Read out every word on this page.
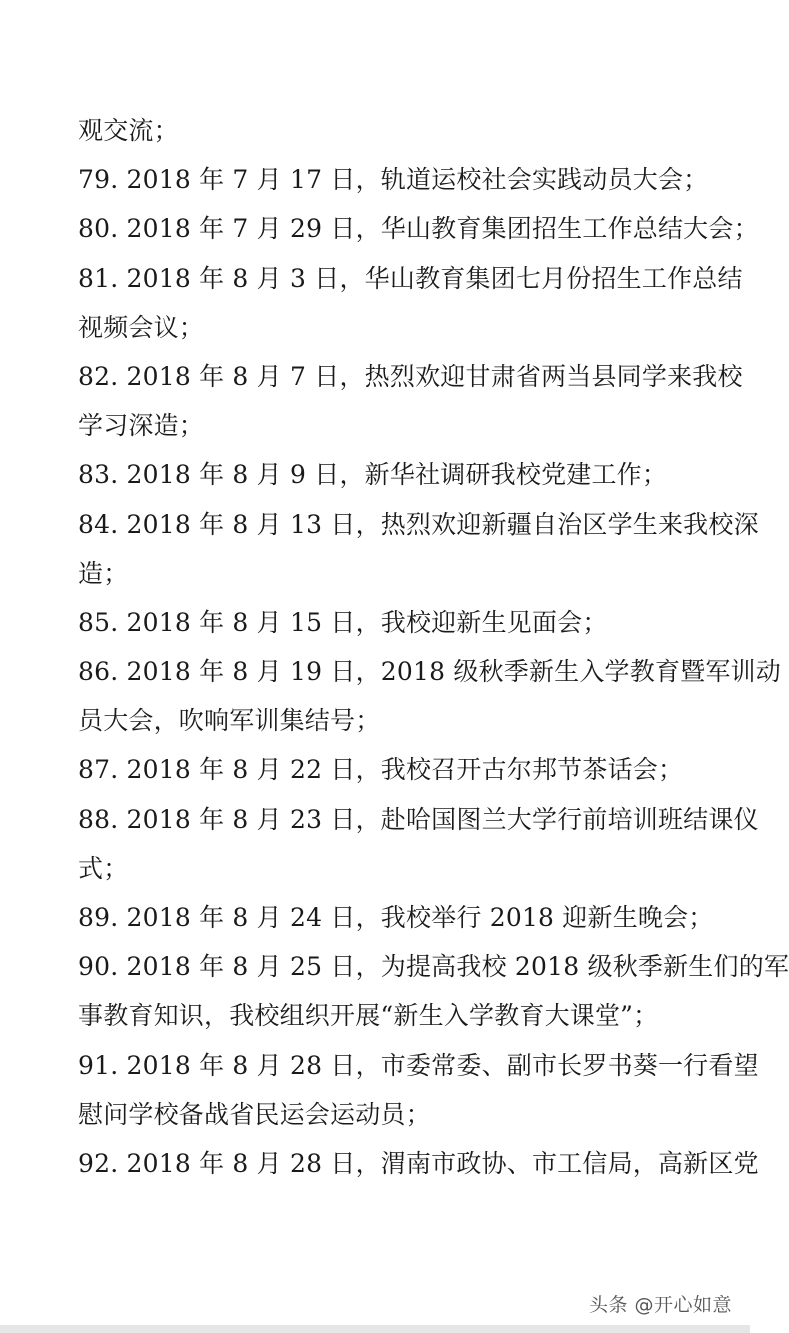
观交流；
79. 2018 年 7 月 17 日，轨道运校社会实践动员大会；
80. 2018 年 7 月 29 日，华山教育集团招生工作总结大会；
81. 2018 年 8 月 3 日，华山教育集团七月份招生工作总结
视频会议；
82. 2018 年 8 月 7 日，热烈欢迎甘肃省两当县同学来我校
学习深造；
83. 2018 年 8 月 9 日，新华社调研我校党建工作；
84. 2018 年 8 月 13 日，热烈欢迎新疆自治区学生来我校深
造；
85. 2018 年 8 月 15 日，我校迎新生见面会；
86. 2018 年 8 月 19 日，2018 级秋季新生入学教育暨军训动
员大会，吹响军训集结号；
87. 2018 年 8 月 22 日，我校召开古尔邦节茶话会；
88. 2018 年 8 月 23 日，赴哈国图兰大学行前培训班结课仪
式；
89. 2018 年 8 月 24 日，我校举行 2018 迎新生晚会；
90. 2018 年 8 月 25 日，为提高我校 2018 级秋季新生们的军
事教育知识，我校组织开展“新生入学教育大课堂”；
91. 2018 年 8 月 28 日，市委常委、副市长罗书葵一行看望
慰问学校备战省民运会运动员；
92. 2018 年 8 月 28 日，渭南市政协、市工信局，高新区党
头条 @开心如意
